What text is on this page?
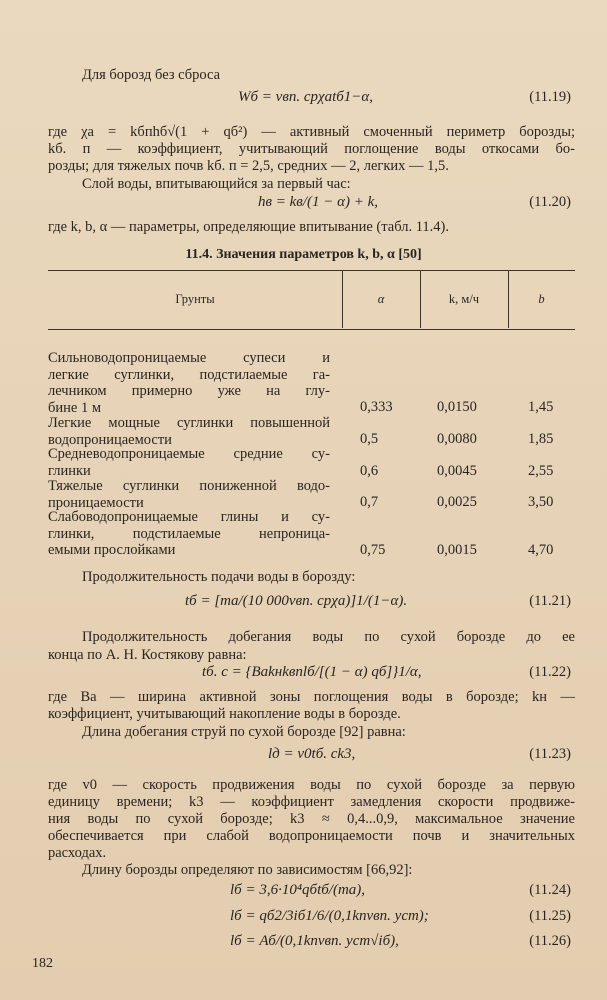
Для борозд без сброса
Wб = vвп. срχаtб1−α,	(11.19)
где χа = kбпhб√(1 + qб²) — активный смоченный периметр борозды;
kб. п — коэффициент, учитывающий поглощение воды откосами бо-
розды; для тяжелых почв kб. п = 2,5, средних — 2, легких — 1,5.
Слой воды, впитывающийся за первый час:
hв = kв/(1 − α) + k,	(11.20)
где k, b, α — параметры, определяющие впитывание (табл. 11.4).
11.4. Значения параметров k, b, α [50]
Грунты	α	k, м/ч	b
Сильноводопроницаемые супеси и
легкие суглинки, подстилаемые га-
лечником примерно уже на глу-
бине 1 м	0,333	0,0150	1,45
Легкие мощные суглинки повышенной
водопроницаемости	0,5	0,0080	1,85
Средневодопроницаемые средние су-
глинки	0,6	0,0045	2,55
Тяжелые суглинки пониженной водо-
проницаемости	0,7	0,0025	3,50
Слабоводопроницаемые глины и су-
глинки, подстилаемые непроница-
емыми прослойками	0,75	0,0015	4,70
Продолжительность подачи воды в борозду:
tб = [mа/(10 000vвп. срχа)]1/(1−α).	(11.21)
Продолжительность добегания воды по сухой борозде до ее
конца по А. Н. Костякову равна:
tб. с = {Ваkнkвпlб/[(1 − α) qб]}1/α,	(11.22)
где Ва — ширина активной зоны поглощения воды в борозде; kн —
коэффициент, учитывающий накопление воды в борозде.
Длина добегания струй по сухой борозде [92] равна:
lд = v0tб. сk3,	(11.23)
где v0 — скорость продвижения воды по сухой борозде за первую
единицу времени; k3 — коэффициент замедления скорости продвиже-
ния воды по сухой борозде; k3 ≈ 0,4...0,9, максимальное значение
обеспечивается при слабой водопроницаемости почв и значительных
расходах.
Длину борозды определяют по зависимостям [66,92]:
lб = 3,6·10⁴qбtб/(mа),	(11.24)
lб = qб2/3iб1/6/(0,1kпvвп. уст);	(11.25)
lб = Аб/(0,1kпvвп. уст√iб),	(11.26)
182
